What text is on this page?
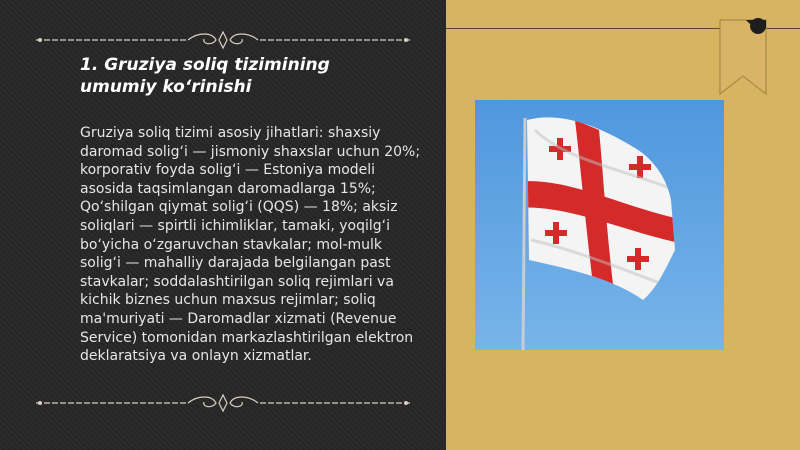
1. Gruziya soliq tizimining umumiy ko‘rinishi
Gruziya soliq tizimi asosiy jihatlari: shaxsiy daromad solig‘i — jismoniy shaxslar uchun 20%; korporativ foyda solig‘i — Estoniya modeli asosida taqsimlangan daromadlarga 15%; Qo‘shilgan qiymat solig‘i (QQS) — 18%; aksiz soliqlari — spirtli ichimliklar, tamaki, yoqilg‘i bo‘yicha o‘zgaruvchan stavkalar; mol-mulk solig‘i — mahalliy darajada belgilangan past stavkalar; soddalashtirilgan soliq rejimlari va kichik biznes uchun maxsus rejimlar; soliq ma'muriyati — Daromadlar xizmati (Revenue Service) tomonidan markazlashtirilgan elektron deklaratsiya va onlayn xizmatlar.
